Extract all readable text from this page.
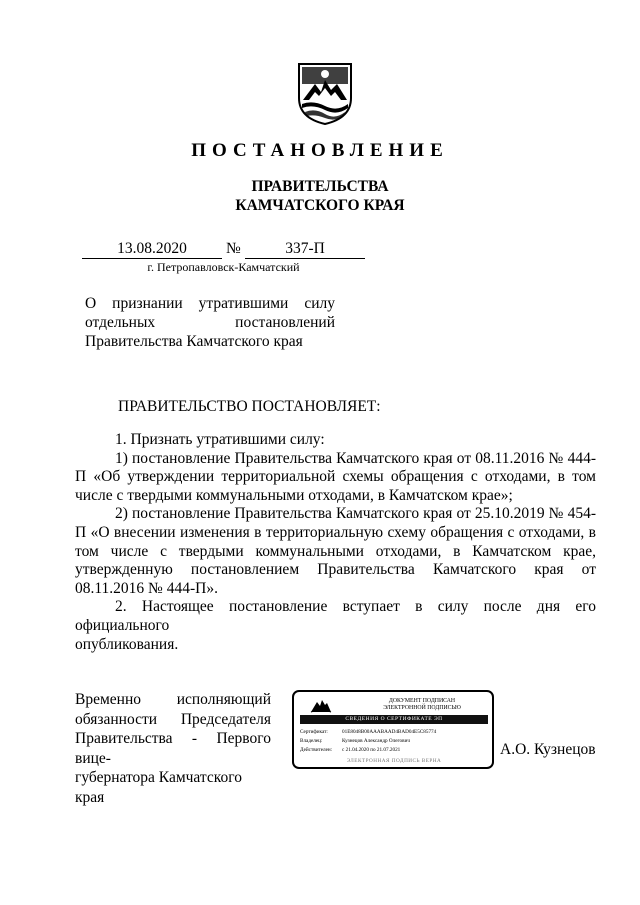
ПОСТАНОВЛЕНИЕ
ПРАВИТЕЛЬСТВА
КАМЧАТСКОГО КРАЯ
13.08.2020	№	337-П
г. Петропавловск-Камчатский
О признании утратившими силу
отдельных постановлений
Правительства Камчатского края
ПРАВИТЕЛЬСТВО ПОСТАНОВЛЯЕТ:

1. Признать утратившими силу:

1) постановление Правительства Камчатского края от 08.11.2016 № 444-П «Об утверждении территориальной схемы обращения с отходами, в том числе с твердыми коммунальными отходами, в Камчатском крае»;

2) постановление Правительства Камчатского края от 25.10.2019 № 454-П «О внесении изменения в территориальную схему обращения с отходами, в том числе с твердыми коммунальными отходами, в Камчатском крае, утвержденную постановлением Правительства Камчатского края от 08.11.2016 № 444-П».

2. Настоящее постановление вступает в силу после дня его официального

опубликования.

Временно исполняющий
обязанности Председателя
Правительства - Первого вице-
губернатора Камчатского края
ДОКУМЕНТ ПОДПИСАН
ЭЛЕКТРОННОЙ ПОДПИСЬЮ
СВЕДЕНИЯ О СЕРТИФИКАТЕ ЭП
Сертификат:	01E8048B00AAABAAD4BAD04E5C85774
Владелец:	Кузнецов Александр Олегович
Действителен:	с 21.04.2020 по 21.07.2021
ЭЛЕКТРОННАЯ ПОДПИСЬ ВЕРНА
А.О. Кузнецов
